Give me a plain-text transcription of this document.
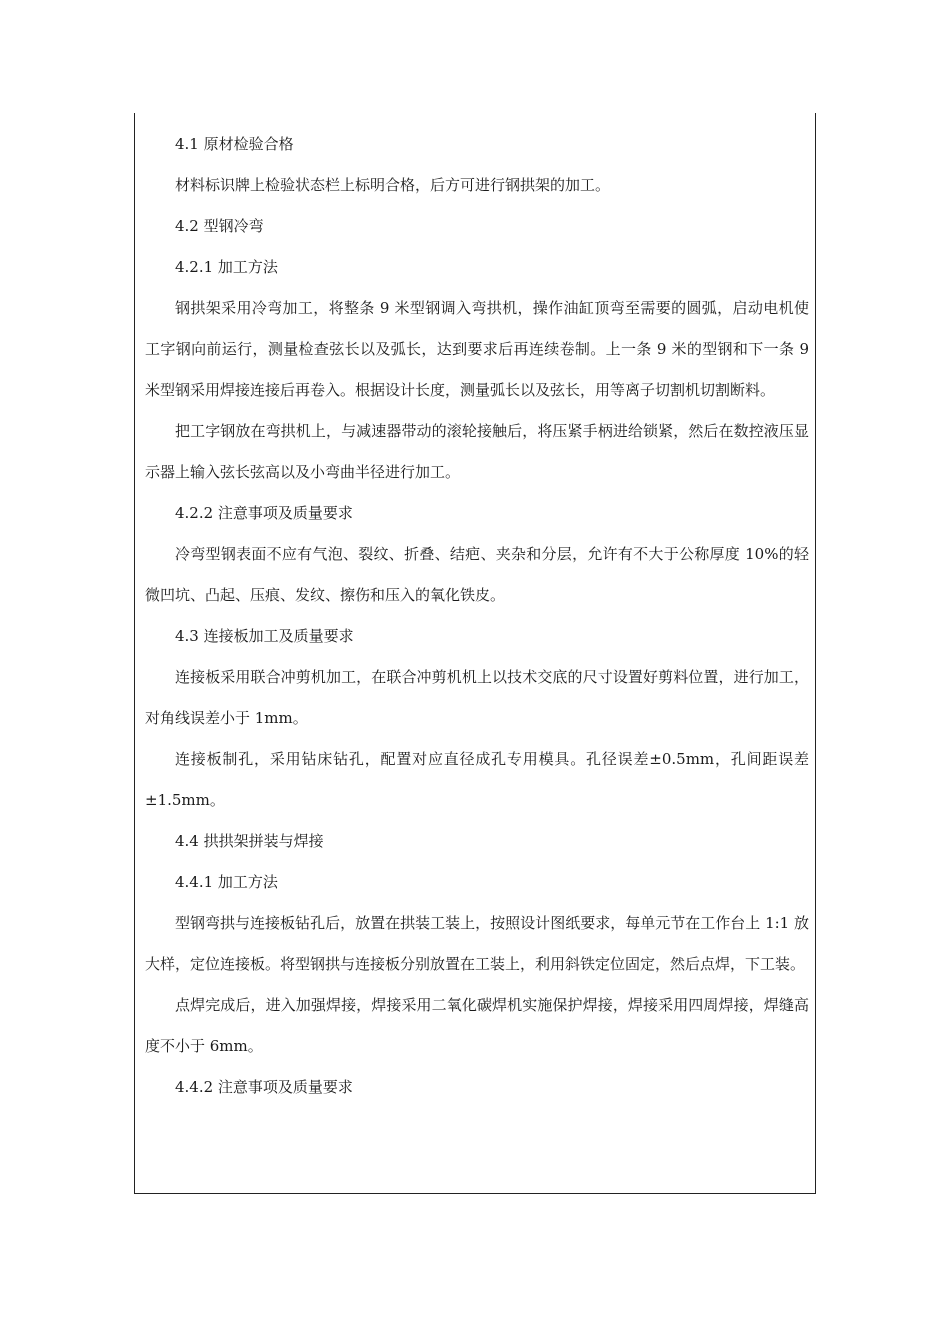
4.1 原材检验合格

材料标识牌上检验状态栏上标明合格，后方可进行钢拱架的加工。

4.2 型钢冷弯

4.2.1 加工方法

钢拱架采用冷弯加工，将整条 9 米型钢调入弯拱机，操作油缸顶弯至需要的圆弧，启动电机使工字钢向前运行，测量检查弦长以及弧长，达到要求后再连续卷制。上一条 9 米的型钢和下一条 9 米型钢采用焊接连接后再卷入。根据设计长度，测量弧长以及弦长，用等离子切割机切割断料。

把工字钢放在弯拱机上，与减速器带动的滚轮接触后，将压紧手柄进给锁紧，然后在数控液压显示器上输入弦长弦高以及小弯曲半径进行加工。

4.2.2 注意事项及质量要求

冷弯型钢表面不应有气泡、裂纹、折叠、结疤、夹杂和分层，允许有不大于公称厚度 10%的轻微凹坑、凸起、压痕、发纹、擦伤和压入的氧化铁皮。

4.3 连接板加工及质量要求

连接板采用联合冲剪机加工，在联合冲剪机机上以技术交底的尺寸设置好剪料位置，进行加工，对角线误差小于 1mm。

连接板制孔，采用钻床钻孔，配置对应直径成孔专用模具。孔径误差±0.5mm，孔间距误差±1.5mm。

4.4 拱拱架拼装与焊接

4.4.1 加工方法

型钢弯拱与连接板钻孔后，放置在拱装工装上，按照设计图纸要求，每单元节在工作台上 1:1 放大样，定位连接板。将型钢拱与连接板分别放置在工装上，利用斜铁定位固定，然后点焊，下工装。

点焊完成后，进入加强焊接，焊接采用二氧化碳焊机实施保护焊接，焊接采用四周焊接，焊缝高度不小于 6mm。

4.4.2 注意事项及质量要求
